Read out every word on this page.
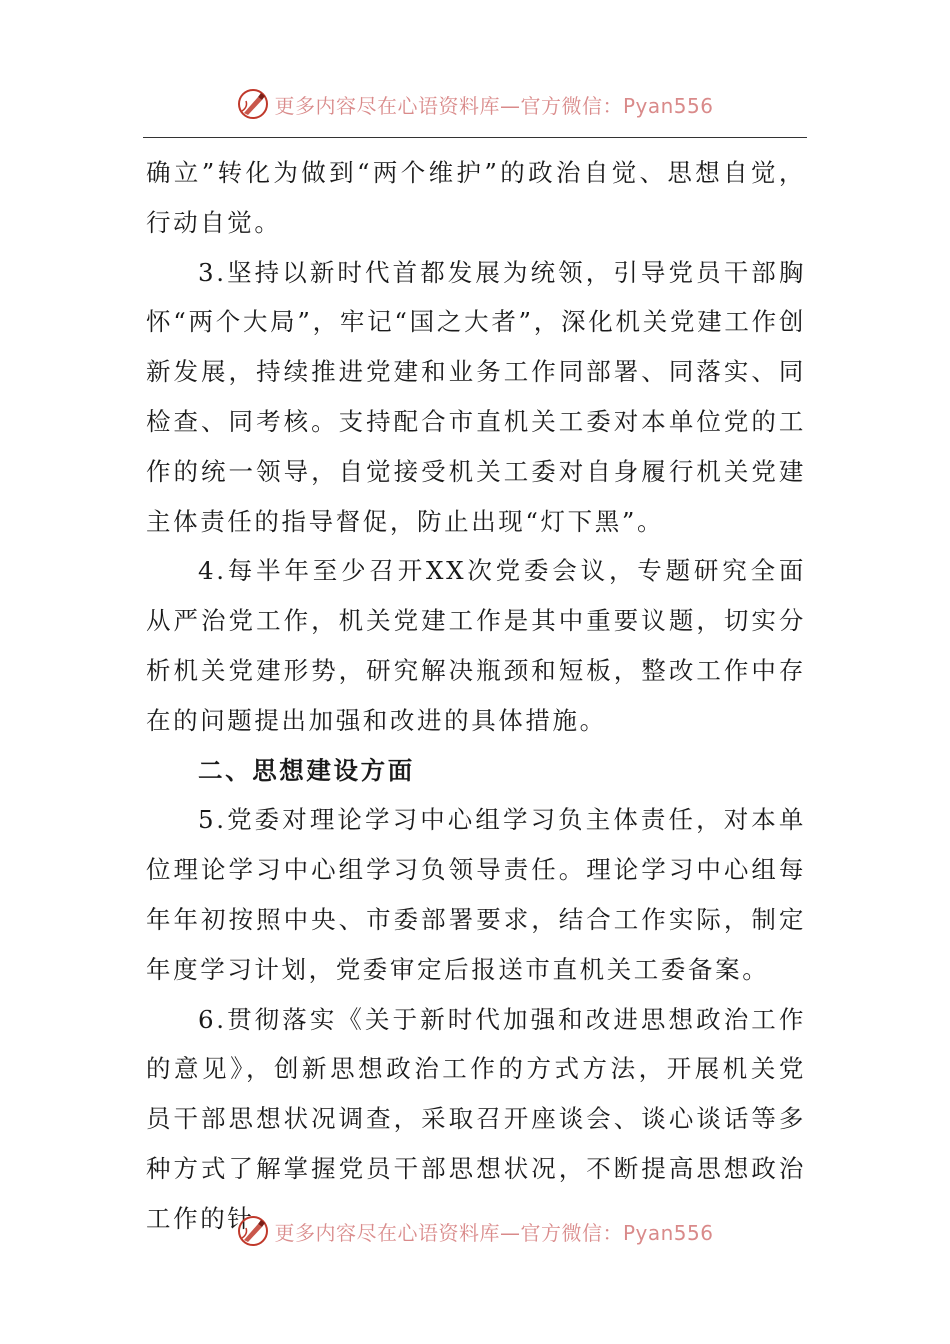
更多内容尽在心语资料库—官方微信：Pyan556

确立”转化为做到“两个维护”的政治自觉、思想自觉，行动自觉。

3.坚持以新时代首都发展为统领，引导党员干部胸怀“两个大局”，牢记“国之大者”，深化机关党建工作创新发展，持续推进党建和业务工作同部署、同落实、同检查、同考核。支持配合市直机关工委对本单位党的工作的统一领导，自觉接受机关工委对自身履行机关党建主体责任的指导督促，防止出现“灯下黑”。

4.每半年至少召开XX次党委会议，专题研究全面从严治党工作，机关党建工作是其中重要议题，切实分析机关党建形势，研究解决瓶颈和短板，整改工作中存在的问题提出加强和改进的具体措施。

二、思想建设方面

5.党委对理论学习中心组学习负主体责任，对本单位理论学习中心组学习负领导责任。理论学习中心组每年年初按照中央、市委部署要求，结合工作实际，制定年度学习计划，党委审定后报送市直机关工委备案。

6.贯彻落实《关于新时代加强和改进思想政治工作的意见》，创新思想政治工作的方式方法，开展机关党员干部思想状况调查，采取召开座谈会、谈心谈话等多种方式了解掌握党员干部思想状况，不断提高思想政治工作的针	更多内容尽在心语资料库—官方微信：Pyan556
